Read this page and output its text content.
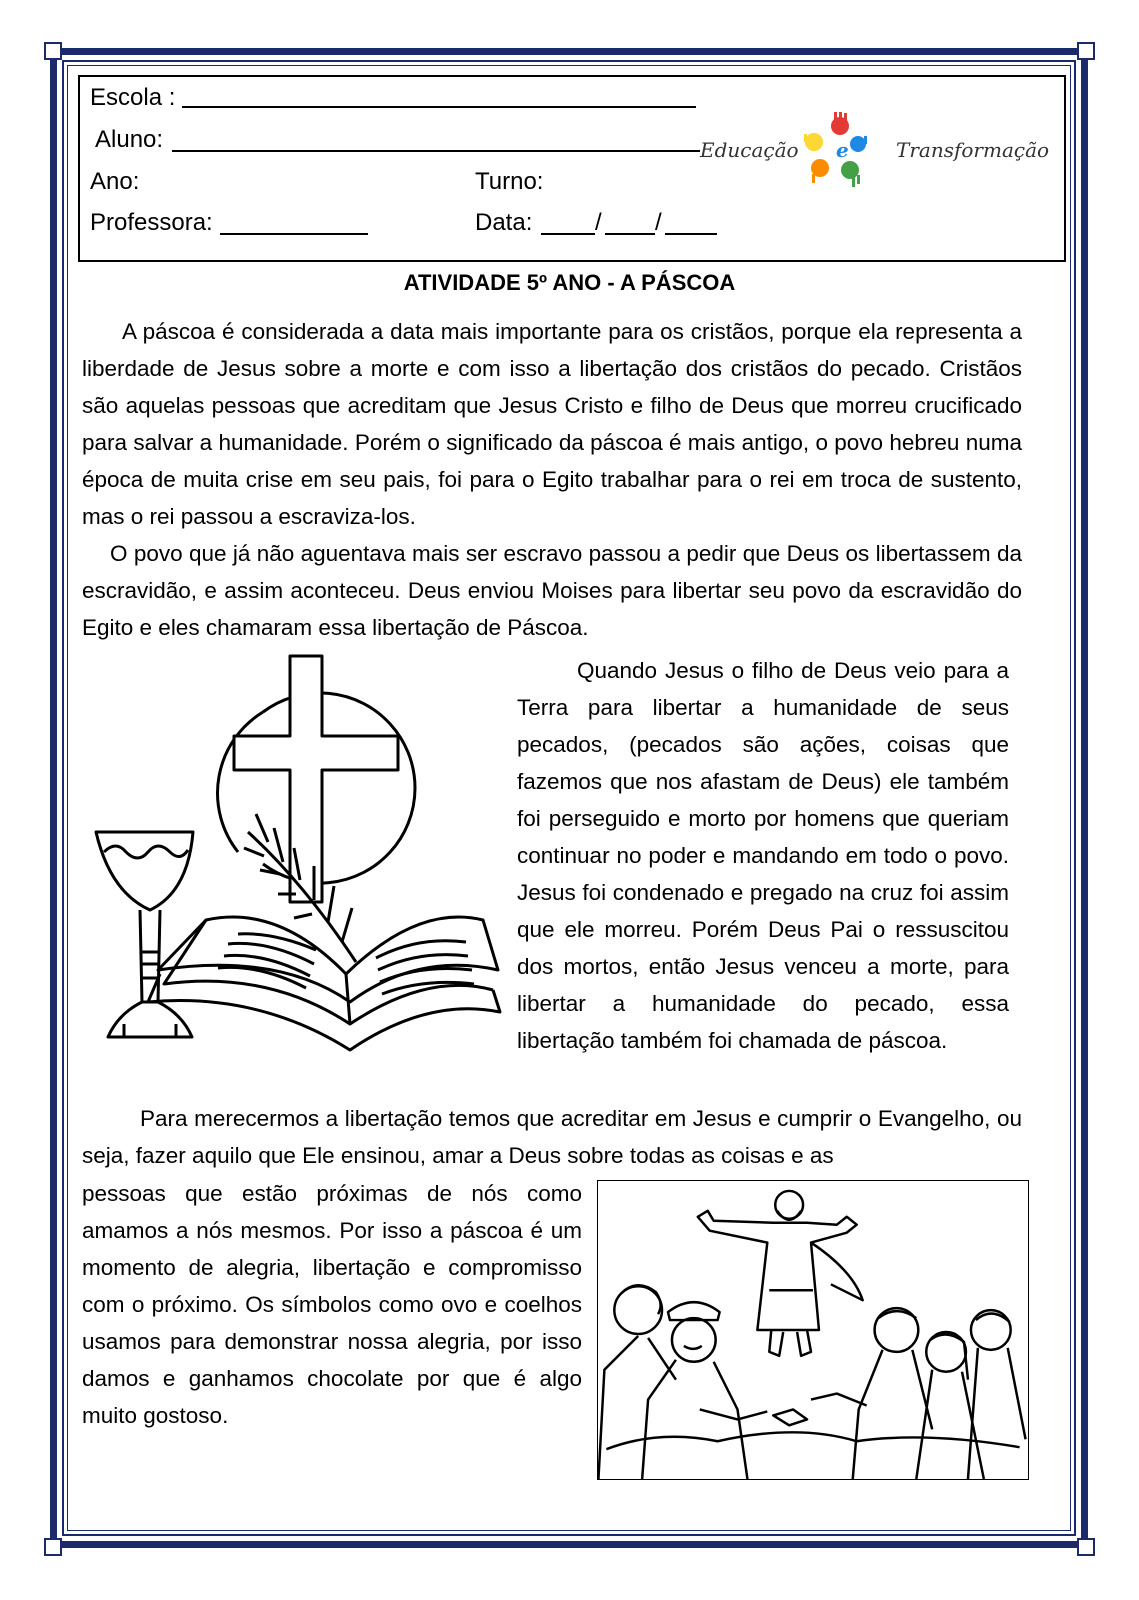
Escola :
Aluno:
Ano:	Turno:
Professora:	Data:	/ /
Educação e Transformação
ATIVIDADE 5º ANO - A PÁSCOA

A páscoa é considerada a data mais importante para os cristãos, porque ela representa a liberdade de Jesus sobre a morte e com isso a libertação dos cristãos do pecado. Cristãos são aquelas pessoas que acreditam que Jesus Cristo e filho de Deus que morreu crucificado para salvar a humanidade. Porém o significado da páscoa é mais antigo, o povo hebreu numa época de muita crise em seu pais, foi para o Egito trabalhar para o rei em troca de sustento, mas o rei passou a escraviza-los.

O povo que já não aguentava mais ser escravo passou a pedir que Deus os libertassem da escravidão, e assim aconteceu. Deus enviou Moises para libertar seu povo da escravidão do Egito e eles chamaram essa libertação de Páscoa.

Quando Jesus o filho de Deus veio para a Terra para libertar a humanidade de seus pecados, (pecados são ações, coisas que fazemos que nos afastam de Deus) ele também foi perseguido e morto por homens que queriam continuar no poder e mandando em todo o povo. Jesus foi condenado e pregado na cruz foi assim que ele morreu. Porém Deus Pai o ressuscitou dos mortos, então Jesus venceu a morte, para libertar a humanidade do pecado, essa libertação também foi chamada de páscoa.

Para merecermos a libertação temos que acreditar em Jesus e cumprir o Evangelho, ou seja, fazer aquilo que Ele ensinou, amar a Deus sobre todas as coisas e as

pessoas que estão próximas de nós como amamos a nós mesmos. Por isso a páscoa é um momento de alegria, libertação e compromisso com o próximo. Os símbolos como ovo e coelhos usamos para demonstrar nossa alegria, por isso damos e ganhamos chocolate por que é algo muito gostoso.
